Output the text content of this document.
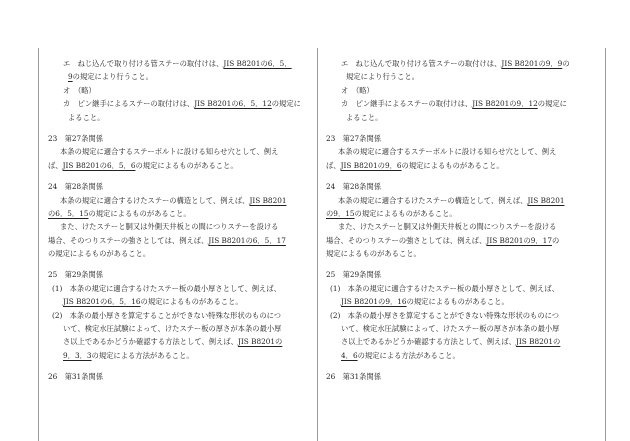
エ　ねじ込んで取り付ける管ステーの取付けは、JIS B8201の6．5．
9の規定により行うこと。
オ　（略）
カ　ピン継手によるステーの取付けは、JIS B8201の6．5．12の規定に
よること。
23　第27条関係
本条の規定に適合するステーボルトに設ける知らせ穴として、例え
ば、JIS B8201の6．5．6の規定によるものがあること。
24　第28条関係
本条の規定に適合するけたステーの構造として、例えば、JIS B8201
の6．5．15の規定によるものがあること。
また、けたステーと胴又は外側天井板との間につりステーを設ける
場合、そのつりステーの強さとしては、例えば、JIS B8201の6．5．17
の規定によるものがあること。
25　第29条関係
(1)　本条の規定に適合するけたステー板の最小厚さとして、例えば、
JIS B8201の6．5．16の規定によるものがあること。
(2)　本条の最小厚さを算定することができない特殊な形状のものにつ
いて、検定水圧試験によって、けたステー板の厚さが本条の最小厚
さ以上であるかどうか確認する方法として、例えば、JIS B8201の
9．3．3の規定による方法があること。
26　第31条関係
エ　ねじ込んで取り付ける管ステーの取付けは、JIS B8201の9．9の
規定により行うこと。
オ　（略）
カ　ピン継手によるステーの取付けは、JIS B8201の9．12の規定に
よること。
23　第27条関係
本条の規定に適合するステーボルトに設ける知らせ穴として、例え
ば、JIS B8201の9．6の規定によるものがあること。
24　第28条関係
本条の規定に適合するけたステーの構造として、例えば、JIS B8201
の9．15の規定によるものがあること。
また、けたステーと胴又は外側天井板との間につりステーを設ける
場合、そのつりステーの強さとしては、例えば、JIS B8201の9．17の
規定によるものがあること。
25　第29条関係
(1)　本条の規定に適合するけたステー板の最小厚さとして、例えば、
JIS B8201の9．16の規定によるものがあること。
(2)　本条の最小厚さを算定することができない特殊な形状のものにつ
いて、検定水圧試験によって、けたステー板の厚さが本条の最小厚
さ以上であるかどうか確認する方法として、例えば、JIS B8201の
4．6の規定による方法があること。
26　第31条関係
